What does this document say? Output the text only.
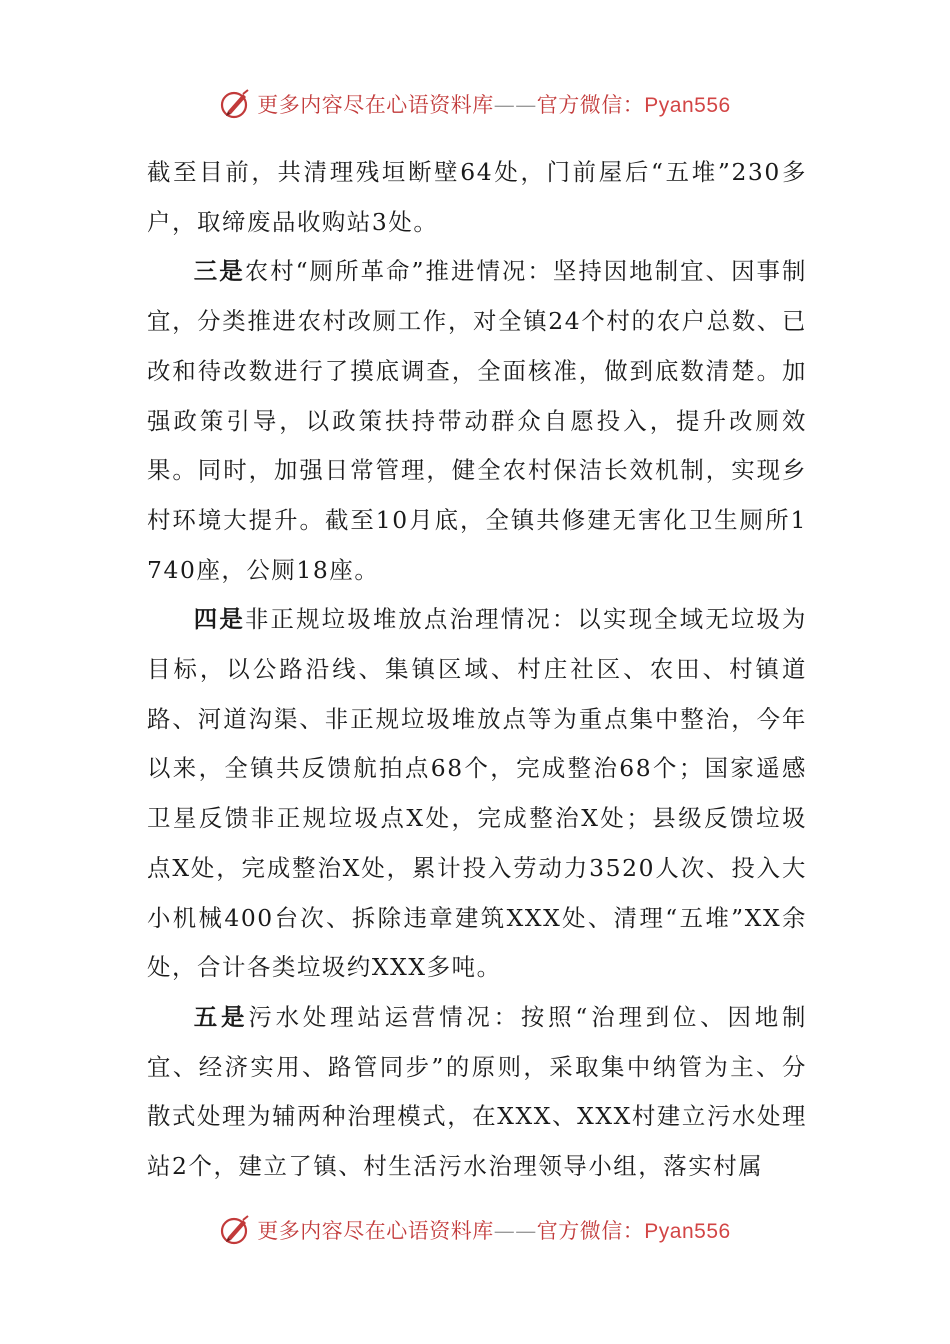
更多内容尽在心语资料库——官方微信：Pyan556

截至目前，共清理残垣断壁64处，门前屋后“五堆”230多户，取缔废品收购站3处。

三是农村“厕所革命”推进情况：坚持因地制宜、因事制宜，分类推进农村改厕工作，对全镇24个村的农户总数、已改和待改数进行了摸底调查，全面核准，做到底数清楚。加强政策引导，以政策扶持带动群众自愿投入，提升改厕效果。同时，加强日常管理，健全农村保洁长效机制，实现乡村环境大提升。截至10月底，全镇共修建无害化卫生厕所1740座，公厕18座。

四是非正规垃圾堆放点治理情况：以实现全域无垃圾为目标，以公路沿线、集镇区域、村庄社区、农田、村镇道路、河道沟渠、非正规垃圾堆放点等为重点集中整治，今年以来，全镇共反馈航拍点68个，完成整治68个；国家遥感卫星反馈非正规垃圾点X处，完成整治X处；县级反馈垃圾点X处，完成整治X处，累计投入劳动力3520人次、投入大小机械400台次、拆除违章建筑XXX处、清理“五堆”XX余处，合计各类垃圾约XXX多吨。

五是污水处理站运营情况：按照“治理到位、因地制宜、经济实用、路管同步”的原则，采取集中纳管为主、分散式处理为辅两种治理模式，在XXX、XXX村建立污水处理站2个，建立了镇、村生活污水治理领导小组，落实村属

更多内容尽在心语资料库——官方微信：Pyan556
